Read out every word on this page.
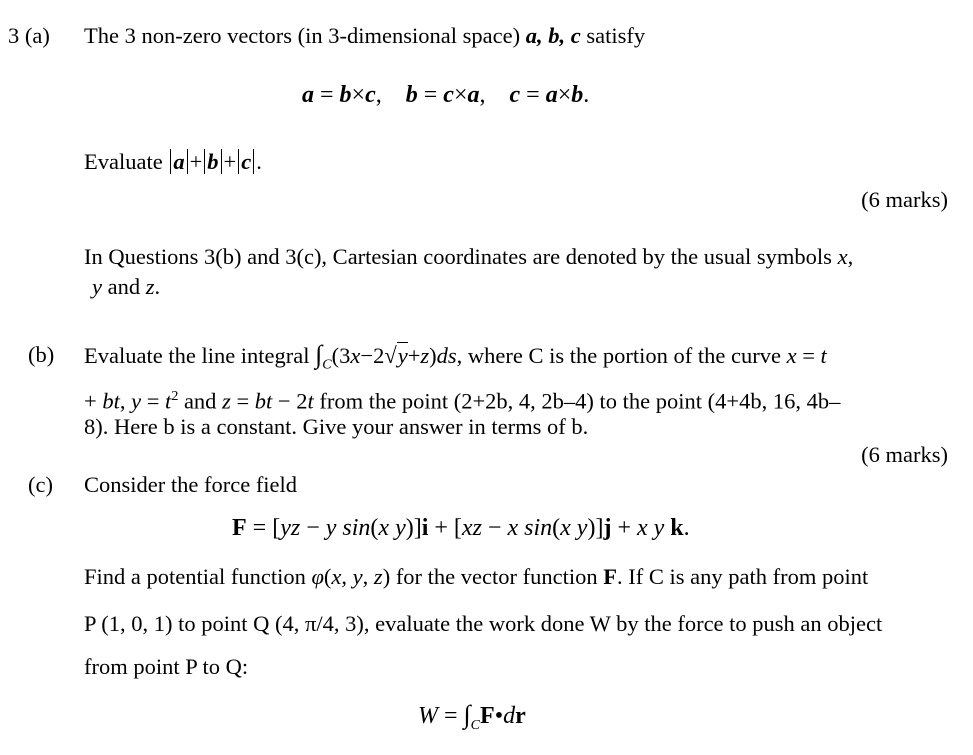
3 (a) The 3 non-zero vectors (in 3-dimensional space) a, b, c satisfy
a = b×c,    b = c×a,    c = a×b.
Evaluate a + b + c .
(6 marks)
In Questions 3(b) and 3(c), Cartesian coordinates are denoted by the usual symbols x,
y and z.
(b) Evaluate the line integral $\int_C(3x-2√y+z)ds$, where C is the portion of the curve x = t
+ bt, $y = t^2$ and z = bt − 2t from the point (2+2b, 4, 2b–4) to the point (4+4b, 16, 4b–
8). Here b is a constant. Give your answer in terms of b.
(6 marks)
(c) Consider the force field
F = [yz − y sin(x y)]i + [xz − x sin(x y)]j + x y k.
Find a potential function φ(x, y, z) for the vector function F. If C is any path from point
P (1, 0, 1) to point Q (4, π/4, 3), evaluate the work done W by the force to push an object
from point P to Q:
$W = \int_CF•dr$
